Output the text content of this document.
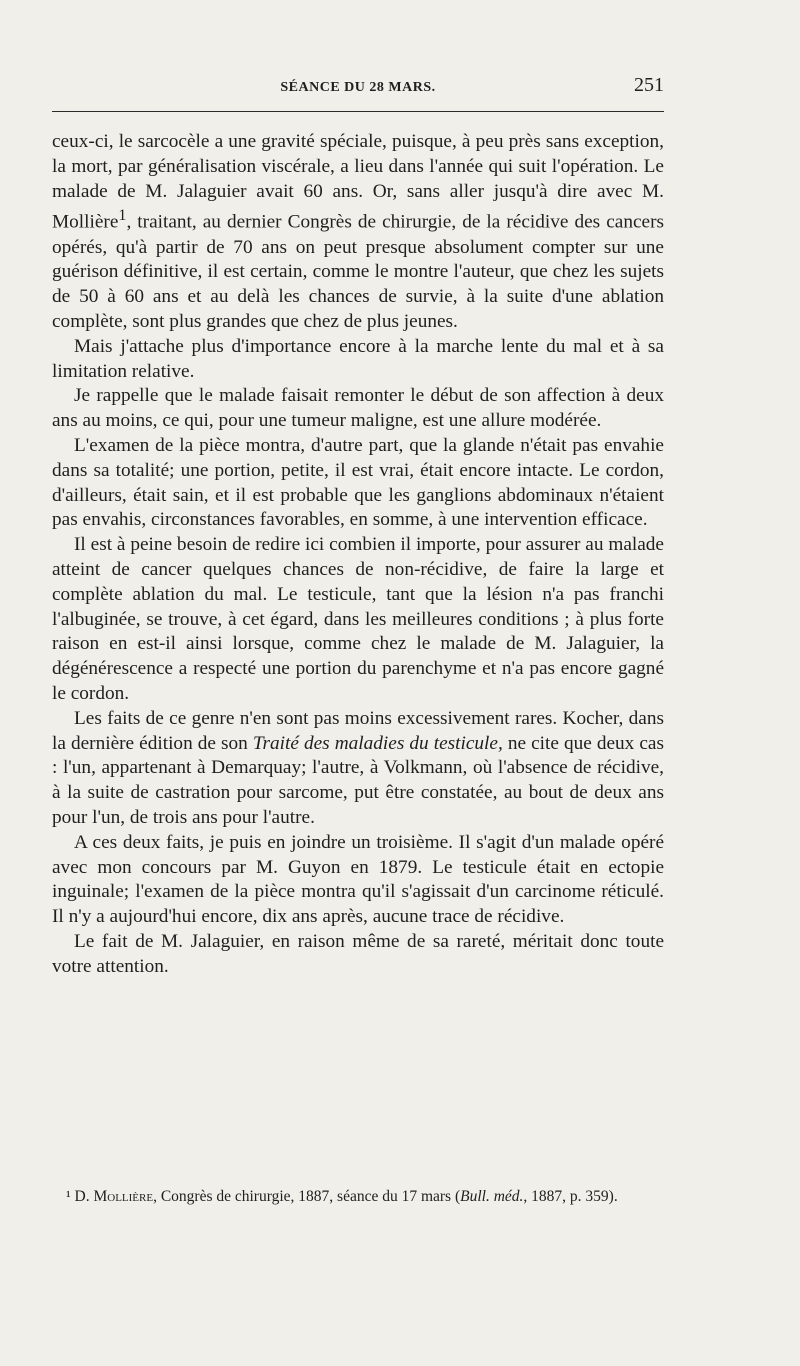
SÉANCE DU 28 MARS.	251

ceux-ci, le sarcocèle a une gravité spéciale, puisque, à peu près sans exception, la mort, par généralisation viscérale, a lieu dans l'année qui suit l'opération. Le malade de M. Jalaguier avait 60 ans. Or, sans aller jusqu'à dire avec M. Mollière$^1$, traitant, au dernier Congrès de chirurgie, de la récidive des cancers opérés, qu'à partir de 70 ans on peut presque absolument compter sur une guérison définitive, il est certain, comme le montre l'auteur, que chez les sujets de 50 à 60 ans et au delà les chances de survie, à la suite d'une ablation complète, sont plus grandes que chez de plus jeunes.

Mais j'attache plus d'importance encore à la marche lente du mal et à sa limitation relative.

Je rappelle que le malade faisait remonter le début de son affection à deux ans au moins, ce qui, pour une tumeur maligne, est une allure modérée.

L'examen de la pièce montra, d'autre part, que la glande n'était pas envahie dans sa totalité; une portion, petite, il est vrai, était encore intacte. Le cordon, d'ailleurs, était sain, et il est probable que les ganglions abdominaux n'étaient pas envahis, circonstances favorables, en somme, à une intervention efficace.

Il est à peine besoin de redire ici combien il importe, pour assurer au malade atteint de cancer quelques chances de non-récidive, de faire la large et complète ablation du mal. Le testicule, tant que la lésion n'a pas franchi l'albuginée, se trouve, à cet égard, dans les meilleures conditions ; à plus forte raison en est-il ainsi lorsque, comme chez le malade de M. Jalaguier, la dégénérescence a respecté une portion du parenchyme et n'a pas encore gagné le cordon.

Les faits de ce genre n'en sont pas moins excessivement rares. Kocher, dans la dernière édition de son Traité des maladies du testicule, ne cite que deux cas : l'un, appartenant à Demarquay; l'autre, à Volkmann, où l'absence de récidive, à la suite de castration pour sarcome, put être constatée, au bout de deux ans pour l'un, de trois ans pour l'autre.

A ces deux faits, je puis en joindre un troisième. Il s'agit d'un malade opéré avec mon concours par M. Guyon en 1879. Le testicule était en ectopie inguinale; l'examen de la pièce montra qu'il s'agissait d'un carcinome réticulé. Il n'y a aujourd'hui encore, dix ans après, aucune trace de récidive.

Le fait de M. Jalaguier, en raison même de sa rareté, méritait donc toute votre attention.

¹ D. Mollière, Congrès de chirurgie, 1887, séance du 17 mars (Bull. méd., 1887, p. 359).
